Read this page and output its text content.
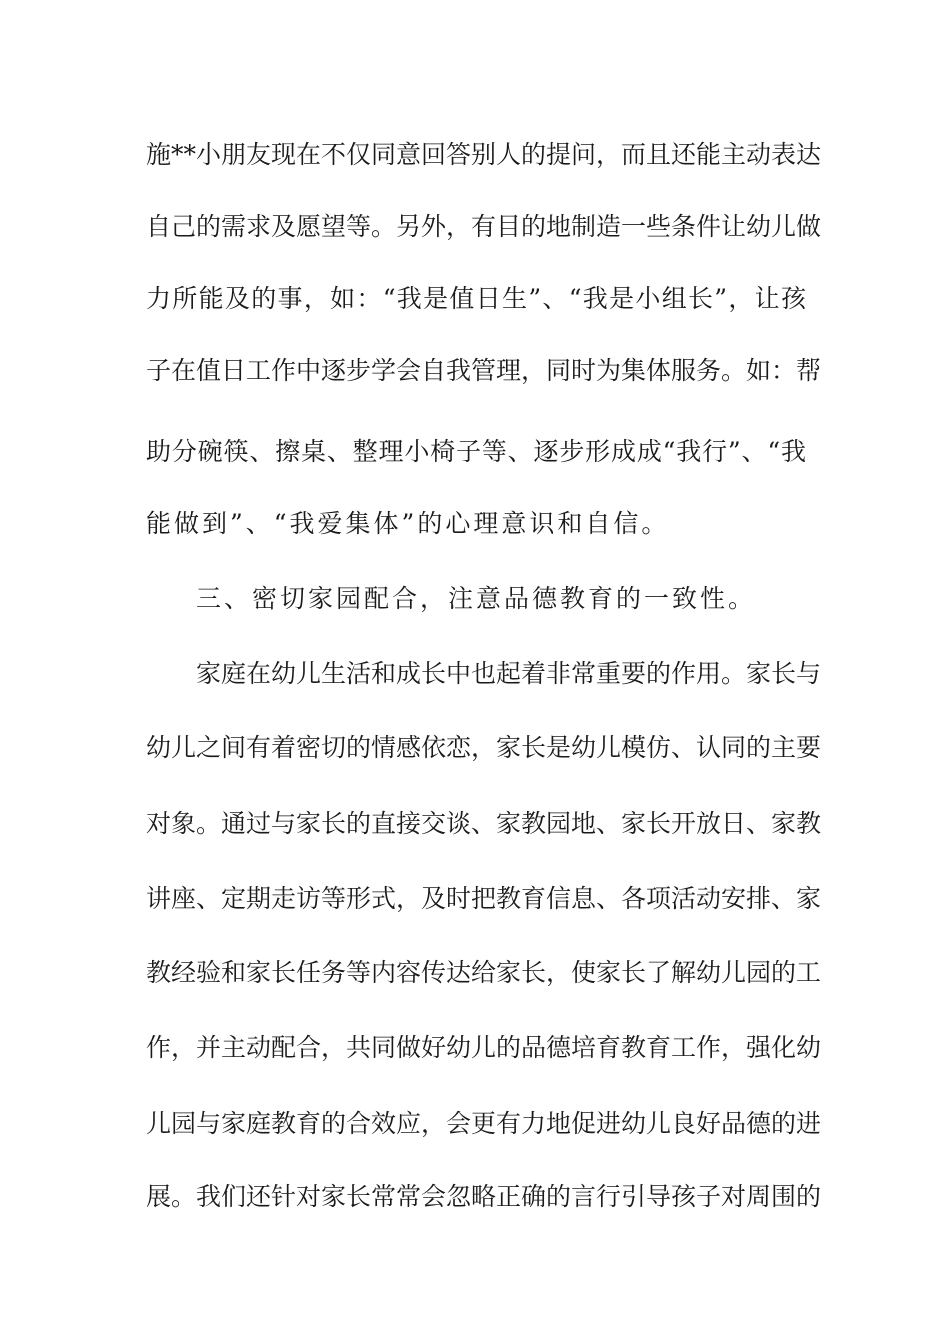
施**小朋友现在不仅同意回答别人的提问，而且还能主动表达
自己的需求及愿望等。另外，有目的地制造一些条件让幼儿做
力所能及的事，如：“我是值日生”、“我是小组长”，让孩
子在值日工作中逐步学会自我管理，同时为集体服务。如：帮
助分碗筷、擦桌、整理小椅子等、逐步形成成“我行”、“我
能做到”、“我爱集体”的心理意识和自信。
三、密切家园配合，注意品德教育的一致性。
家庭在幼儿生活和成长中也起着非常重要的作用。家长与
幼儿之间有着密切的情感依恋，家长是幼儿模仿、认同的主要
对象。通过与家长的直接交谈、家教园地、家长开放日、家教
讲座、定期走访等形式，及时把教育信息、各项活动安排、家
教经验和家长任务等内容传达给家长，使家长了解幼儿园的工
作，并主动配合，共同做好幼儿的品德培育教育工作，强化幼
儿园与家庭教育的合效应，会更有力地促进幼儿良好品德的进
展。我们还针对家长常常会忽略正确的言行引导孩子对周围的
